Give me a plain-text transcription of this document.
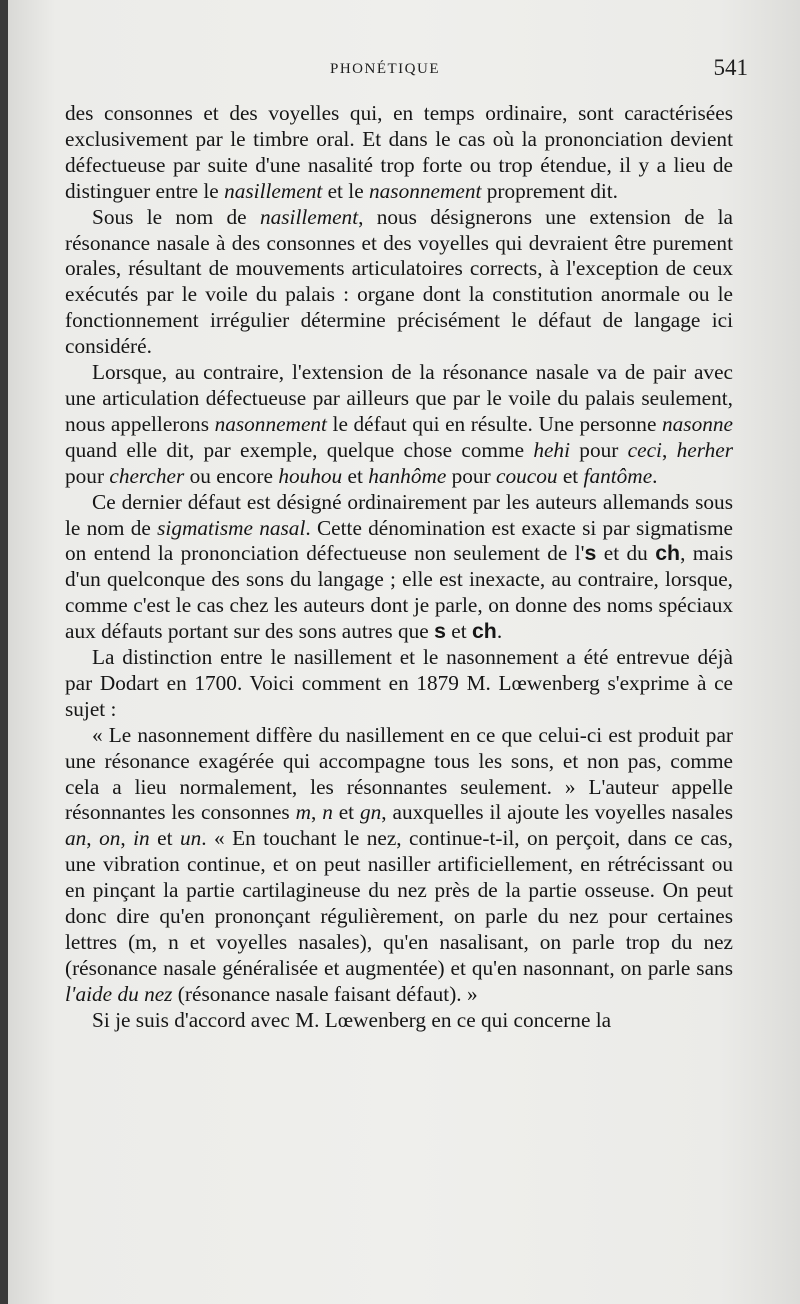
PHONÉTIQUE	541

des consonnes et des voyelles qui, en temps ordinaire, sont caractérisées exclusivement par le timbre oral. Et dans le cas où la prononciation devient défectueuse par suite d'une nasalité trop forte ou trop étendue, il y a lieu de distinguer entre le nasillement et le nasonnement proprement dit.

Sous le nom de nasillement, nous désignerons une extension de la résonance nasale à des consonnes et des voyelles qui devraient être purement orales, résultant de mouvements articulatoires corrects, à l'exception de ceux exécutés par le voile du palais : organe dont la constitution anormale ou le fonctionnement irrégulier détermine précisément le défaut de langage ici considéré.

Lorsque, au contraire, l'extension de la résonance nasale va de pair avec une articulation défectueuse par ailleurs que par le voile du palais seulement, nous appellerons nasonnement le défaut qui en résulte. Une personne nasonne quand elle dit, par exemple, quelque chose comme hehi pour ceci, herher pour chercher ou encore houhou et hanhôme pour coucou et fantôme.

Ce dernier défaut est désigné ordinairement par les auteurs allemands sous le nom de sigmatisme nasal. Cette dénomination est exacte si par sigmatisme on entend la prononciation défectueuse non seulement de l's et du ch, mais d'un quelconque des sons du langage ; elle est inexacte, au contraire, lorsque, comme c'est le cas chez les auteurs dont je parle, on donne des noms spéciaux aux défauts portant sur des sons autres que s et ch.

La distinction entre le nasillement et le nasonnement a été entrevue déjà par Dodart en 1700. Voici comment en 1879 M. Lœwenberg s'exprime à ce sujet :

« Le nasonnement diffère du nasillement en ce que celui-ci est produit par une résonance exagérée qui accompagne tous les sons, et non pas, comme cela a lieu normalement, les résonnantes seulement. » L'auteur appelle résonnantes les consonnes m, n et gn, auxquelles il ajoute les voyelles nasales an, on, in et un. « En touchant le nez, continue-t-il, on perçoit, dans ce cas, une vibration continue, et on peut nasiller artificiellement, en rétrécissant ou en pinçant la partie cartilagineuse du nez près de la partie osseuse. On peut donc dire qu'en prononçant régulièrement, on parle du nez pour certaines lettres (m, n et voyelles nasales), qu'en nasalisant, on parle trop du nez (résonance nasale généralisée et augmentée) et qu'en nasonnant, on parle sans l'aide du nez (résonance nasale faisant défaut). »

Si je suis d'accord avec M. Lœwenberg en ce qui concerne la
